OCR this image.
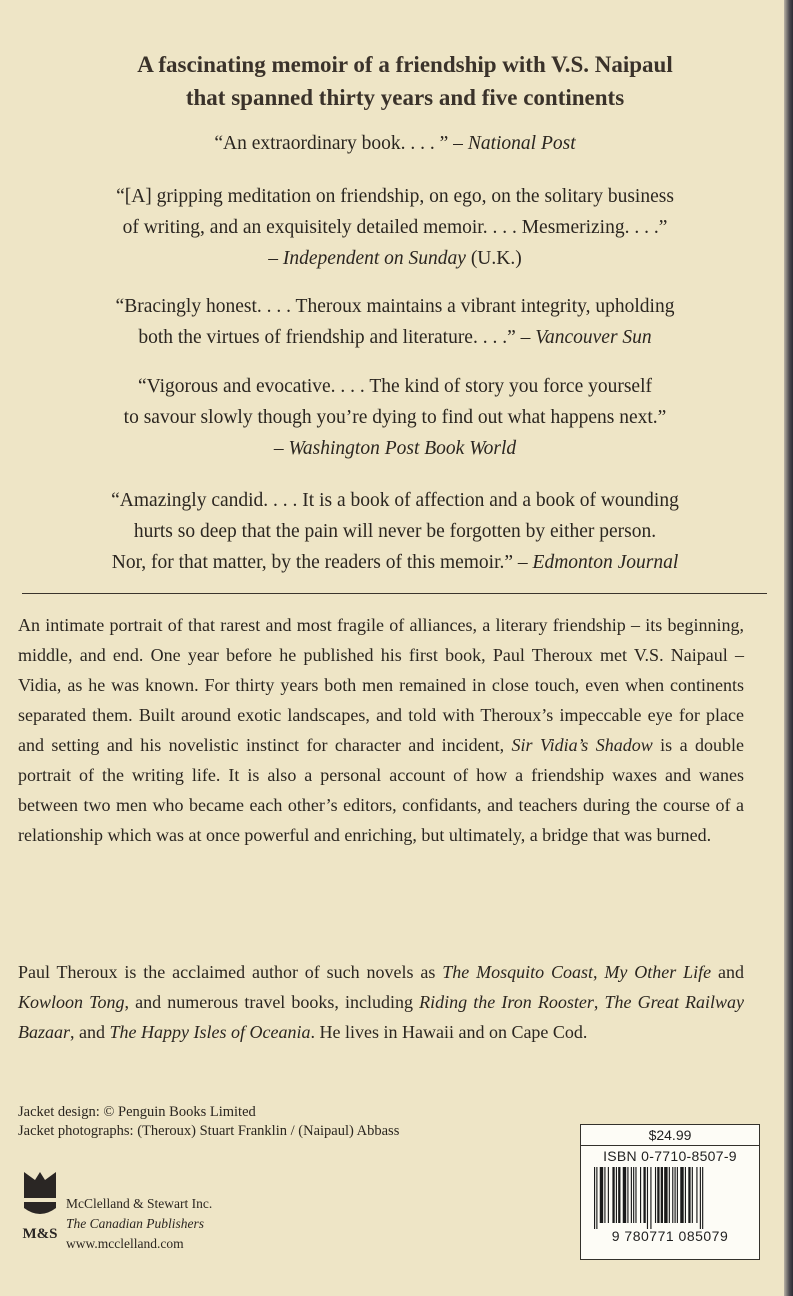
A fascinating memoir of a friendship with V.S. Naipaul
that spanned thirty years and five continents
“An extraordinary book. . . . ” – National Post
“[A] gripping meditation on friendship, on ego, on the solitary business
of writing, and an exquisitely detailed memoir. . . . Mesmerizing. . . .”
– Independent on Sunday (U.K.)
“Bracingly honest. . . . Theroux maintains a vibrant integrity, upholding
both the virtues of friendship and literature. . . .” – Vancouver Sun
“Vigorous and evocative. . . . The kind of story you force yourself
to savour slowly though you’re dying to find out what happens next.”
– Washington Post Book World
“Amazingly candid. . . . It is a book of affection and a book of wounding
hurts so deep that the pain will never be forgotten by either person.
Nor, for that matter, by the readers of this memoir.” – Edmonton Journal
An intimate portrait of that rarest and most fragile of alliances, a literary friendship – its beginning, middle, and end. One year before he published his first book, Paul Theroux met V.S. Naipaul – Vidia, as he was known. For thirty years both men remained in close touch, even when continents separated them. Built around exotic landscapes, and told with Theroux’s impeccable eye for place and setting and his novelistic instinct for character and incident, Sir Vidia’s Shadow is a double portrait of the writing life. It is also a personal account of how a friendship waxes and wanes between two men who became each other’s editors, confidants, and teachers during the course of a relationship which was at once powerful and enriching, but ultimately, a bridge that was burned.
Paul Theroux is the acclaimed author of such novels as The Mosquito Coast, My Other Life and Kowloon Tong, and numerous travel books, including Riding the Iron Rooster, The Great Railway Bazaar, and The Happy Isles of Oceania. He lives in Hawaii and on Cape Cod.
Jacket design: © Penguin Books Limited
Jacket photographs: (Theroux) Stuart Franklin / (Naipaul) Abbass
M&S
McClelland & Stewart Inc.
The Canadian Publishers
www.mcclelland.com
$24.99
ISBN 0-7710-8507-9
9 780771 085079
